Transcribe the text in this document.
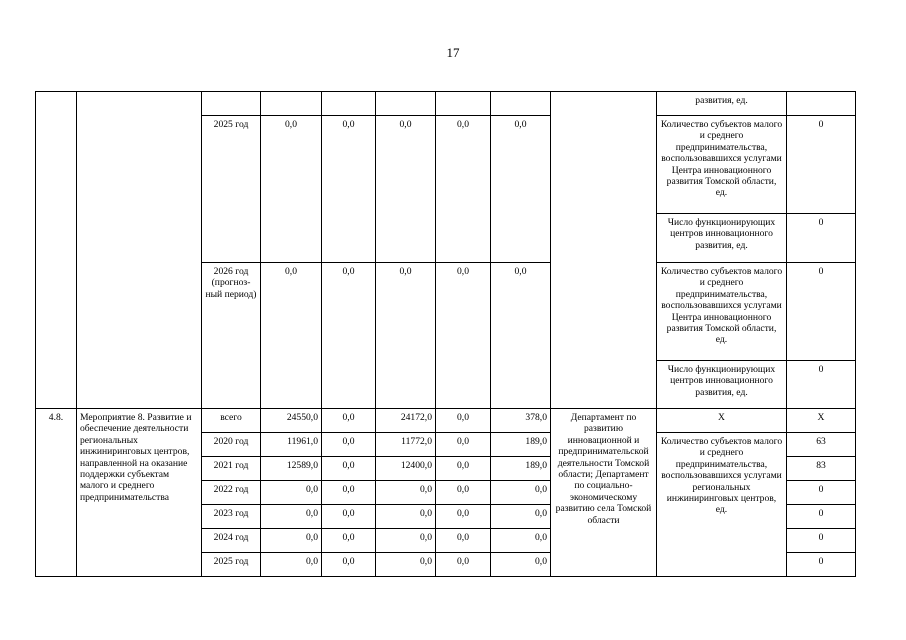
17
									развития, ед.	
		2025 год	0,0	0,0	0,0	0,0	0,0		Количество субъектов малого и среднего предпринимательства, воспользовавшихся услугами Центра инновационного развития Томской области, ед.	0
									Число функционирующих центров инновационного развития, ед.	0
		2026 год (прогноз-ный период)	0,0	0,0	0,0	0,0	0,0		Количество субъектов малого и среднего предпринимательства, воспользовавшихся услугами Центра инновационного развития Томской области, ед.	0
									Число функционирующих центров инновационного развития, ед.	0
4.8.	Мероприятие 8. Развитие и обеспечение деятельности региональных инжиниринговых центров, направленной на оказание поддержки субъектам малого и среднего предпринимательства	всего	24550,0	0,0	24172,0	0,0	378,0	Департамент по развитию инновационной и предпринимательской деятельности Томской области; Департамент по социально-экономическому развитию села Томской области	Х	Х
		2020 год	11961,0	0,0	11772,0	0,0	189,0		Количество субъектов малого и среднего предпринимательства, воспользовавшихся услугами региональных инжиниринговых центров, ед.	63
		2021 год	12589,0	0,0	12400,0	0,0	189,0			83
		2022 год	0,0	0,0	0,0	0,0	0,0			0
		2023 год	0,0	0,0	0,0	0,0	0,0			0
		2024 год	0,0	0,0	0,0	0,0	0,0			0
		2025 год	0,0	0,0	0,0	0,0	0,0			0
